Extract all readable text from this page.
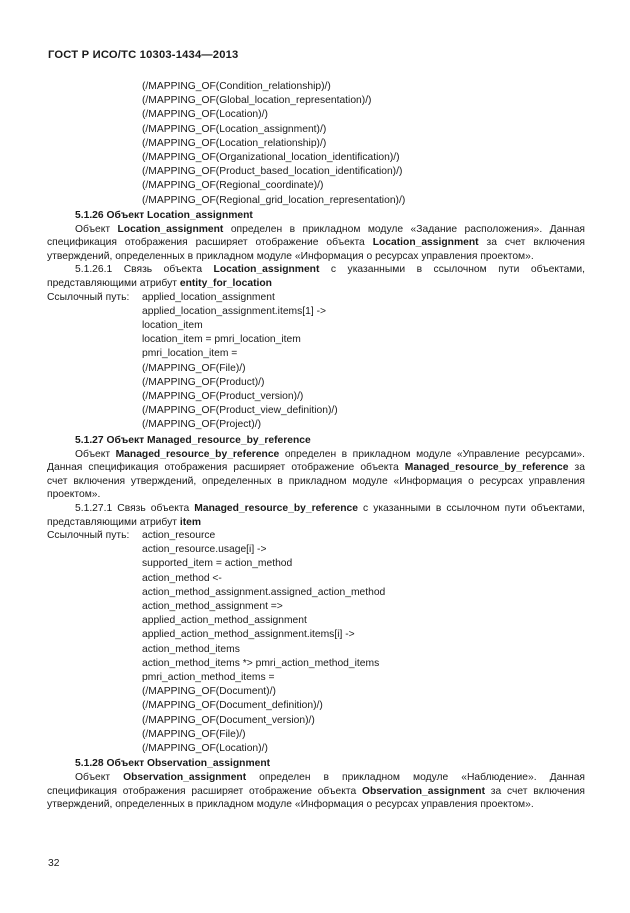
ГОСТ Р ИСО/ТС 10303-1434—2013
(/MAPPING_OF(Condition_relationship)/)
(/MAPPING_OF(Global_location_representation)/)
(/MAPPING_OF(Location)/)
(/MAPPING_OF(Location_assignment)/)
(/MAPPING_OF(Location_relationship)/)
(/MAPPING_OF(Organizational_location_identification)/)
(/MAPPING_OF(Product_based_location_identification)/)
(/MAPPING_OF(Regional_coordinate)/)
(/MAPPING_OF(Regional_grid_location_representation)/)
5.1.26 Объект Location_assignment

Объект Location_assignment определен в прикладном модуле «Задание расположения». Данная спецификация отображения расширяет отображение объекта Location_assignment за счет включения утверждений, определенных в прикладном модуле «Информация о ресурсах управления проектом».

5.1.26.1 Связь объекта Location_assignment с указанными в ссылочном пути объектами, представляющими атрибут entity_for_location

Ссылочный путь:	applied_location_assignment
applied_location_assignment.items[1] ->
location_item
location_item = pmri_location_item
pmri_location_item =
(/MAPPING_OF(File)/)
(/MAPPING_OF(Product)/)
(/MAPPING_OF(Product_version)/)
(/MAPPING_OF(Product_view_definition)/)
(/MAPPING_OF(Project)/)
5.1.27 Объект Managed_resource_by_reference

Объект Managed_resource_by_reference определен в прикладном модуле «Управление ресурсами». Данная спецификация отображения расширяет отображение объекта Managed_resource_by_reference за счет включения утверждений, определенных в прикладном модуле «Информация о ресурсах управления проектом».

5.1.27.1 Связь объекта Managed_resource_by_reference с указанными в ссылочном пути объектами, представляющими атрибут item

Ссылочный путь:	action_resource
action_resource.usage[i] ->
supported_item = action_method
action_method <-
action_method_assignment.assigned_action_method
action_method_assignment =>
applied_action_method_assignment
applied_action_method_assignment.items[i] ->
action_method_items
action_method_items *> pmri_action_method_items
pmri_action_method_items =
(/MAPPING_OF(Document)/)
(/MAPPING_OF(Document_definition)/)
(/MAPPING_OF(Document_version)/)
(/MAPPING_OF(File)/)
(/MAPPING_OF(Location)/)
5.1.28 Объект Observation_assignment

Объект Observation_assignment определен в прикладном модуле «Наблюдение». Данная спецификация отображения расширяет отображение объекта Observation_assignment за счет включения утверждений, определенных в прикладном модуле «Информация о ресурсах управления проектом».

32
